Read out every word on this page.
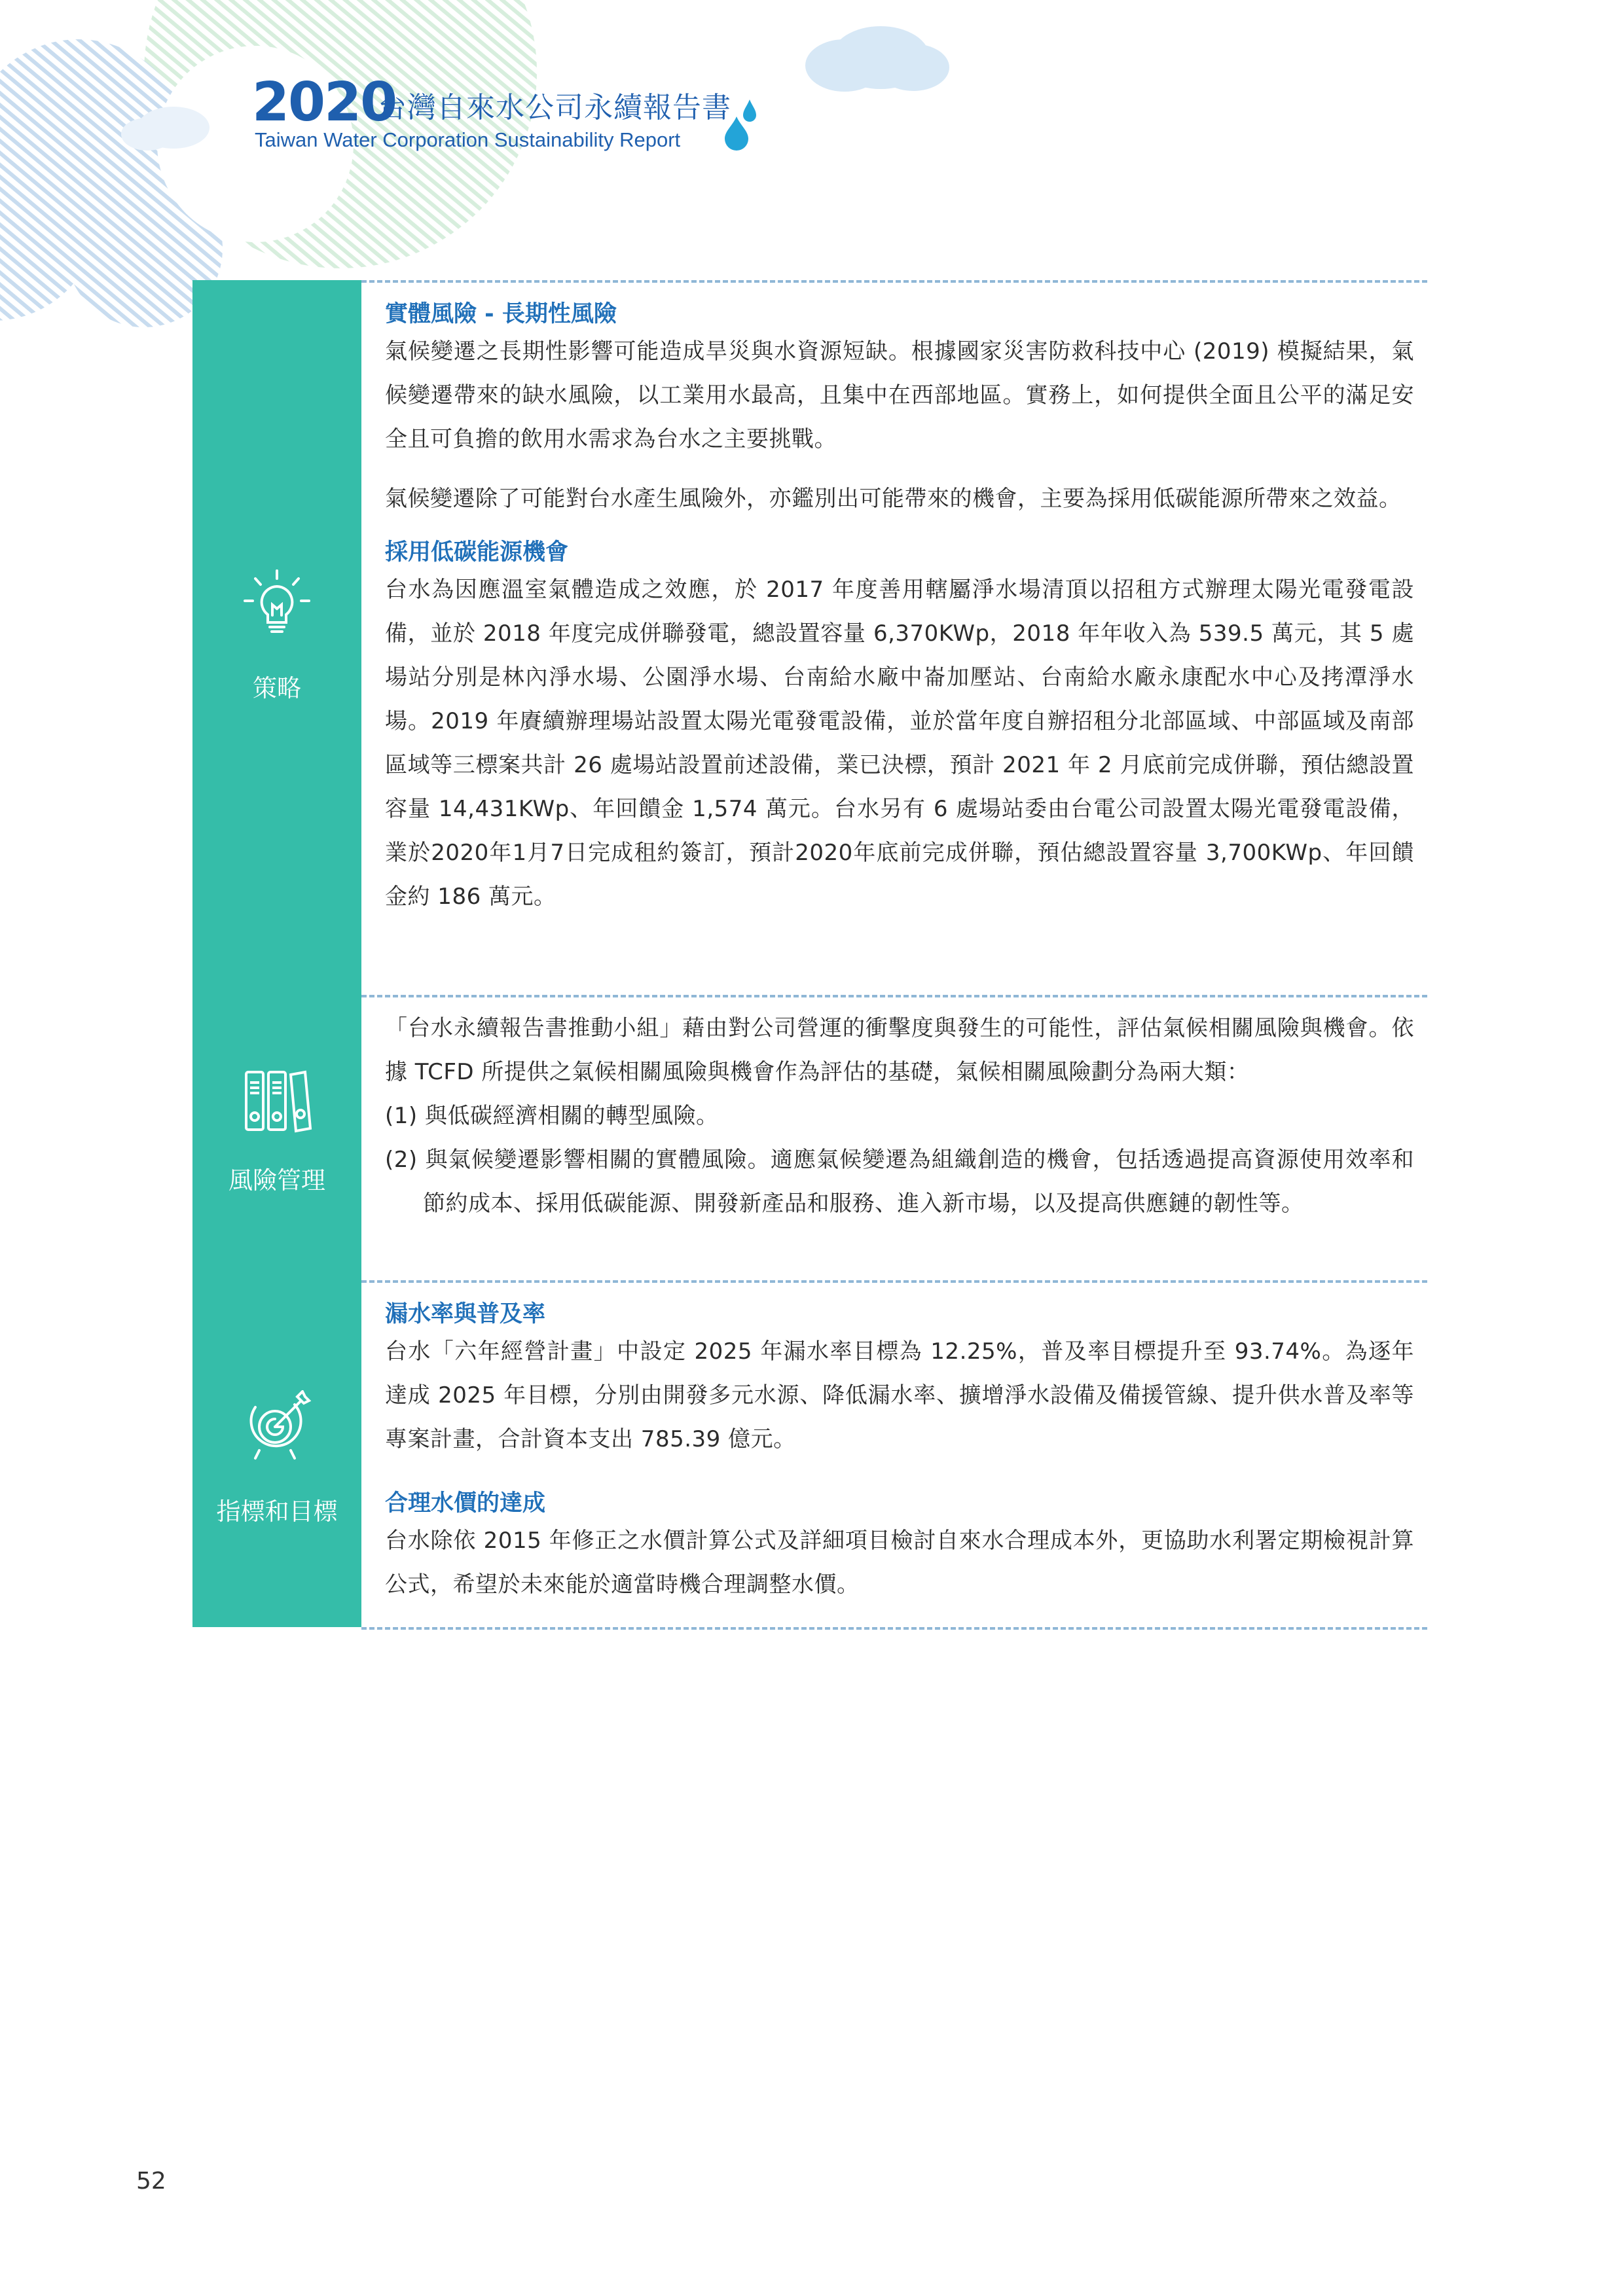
2020
台灣自來水公司永續報告書
Taiwan Water Corporation Sustainability Report
策略

實體風險 - 長期性風險

氣候變遷之長期性影響可能造成旱災與水資源短缺。根據國家災害防救科技中心 (2019) 模擬結果，氣候變遷帶來的缺水風險，以工業用水最高，且集中在西部地區。實務上，如何提供全面且公平的滿足安全且可負擔的飲用水需求為台水之主要挑戰。

氣候變遷除了可能對台水產生風險外，亦鑑別出可能帶來的機會，主要為採用低碳能源所帶來之效益。

採用低碳能源機會

台水為因應溫室氣體造成之效應，於 2017 年度善用轄屬淨水場清頂以招租方式辦理太陽光電發電設備，並於 2018 年度完成併聯發電，總設置容量 6,370KWp，2018 年年收入為 539.5 萬元，其 5 處場站分別是林內淨水場、公園淨水場、台南給水廠中崙加壓站、台南給水廠永康配水中心及拷潭淨水場。2019 年賡續辦理場站設置太陽光電發電設備，並於當年度自辦招租分北部區域、中部區域及南部區域等三標案共計 26 處場站設置前述設備，業已決標，預計 2021 年 2 月底前完成併聯，預估總設置容量 14,431KWp、年回饋金 1,574 萬元。台水另有 6 處場站委由台電公司設置太陽光電發電設備，業於2020年1月7日完成租約簽訂，預計2020年底前完成併聯，預估總設置容量 3,700KWp、年回饋金約 186 萬元。

風險管理

「台水永續報告書推動小組」藉由對公司營運的衝擊度與發生的可能性，評估氣候相關風險與機會。依據 TCFD 所提供之氣候相關風險與機會作為評估的基礎，氣候相關風險劃分為兩大類：

(1) 與低碳經濟相關的轉型風險。

(2) 與氣候變遷影響相關的實體風險。適應氣候變遷為組織創造的機會，包括透過提高資源使用效率和節約成本、採用低碳能源、開發新產品和服務、進入新市場，以及提高供應鏈的韌性等。

指標和目標

漏水率與普及率

台水「六年經營計畫」中設定 2025 年漏水率目標為 12.25%，普及率目標提升至 93.74%。為逐年達成 2025 年目標，分別由開發多元水源、降低漏水率、擴增淨水設備及備援管線、提升供水普及率等專案計畫，合計資本支出 785.39 億元。

合理水價的達成

台水除依 2015 年修正之水價計算公式及詳細項目檢討自來水合理成本外，更協助水利署定期檢視計算公式，希望於未來能於適當時機合理調整水價。

52
